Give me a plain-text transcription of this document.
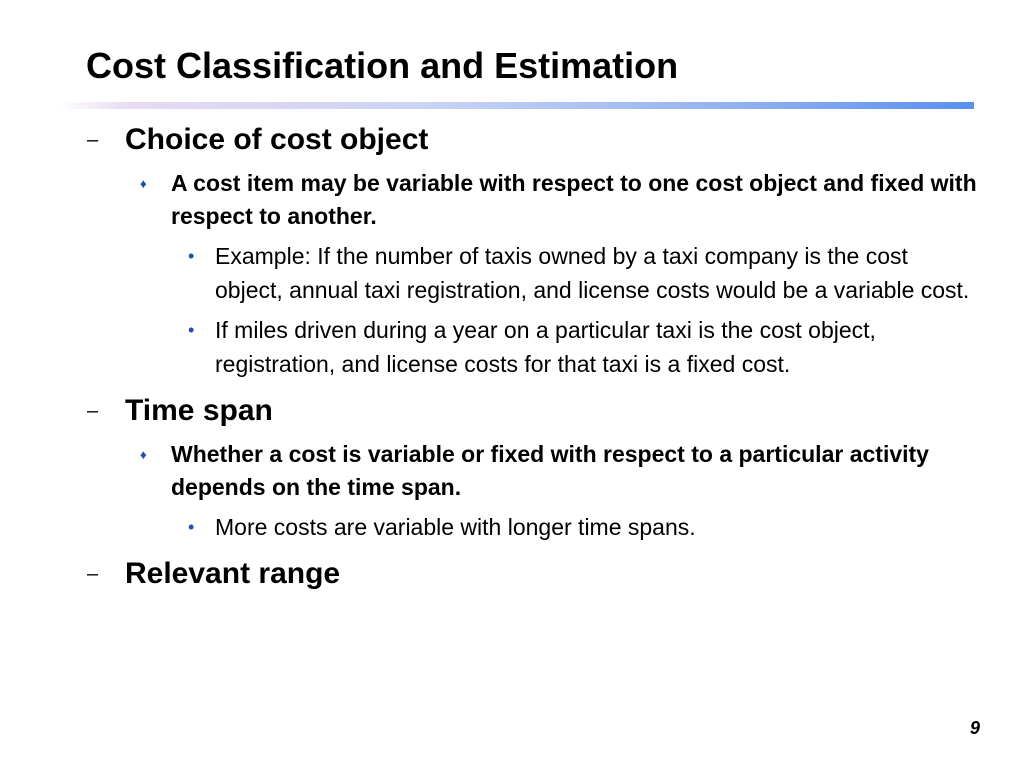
Cost Classification and Estimation
– Choice of cost object
♦ A cost item may be variable with respect to one cost object and fixed with respect to another.
• Example: If the number of taxis owned by a taxi company is the cost object, annual taxi registration, and license costs would be a variable cost.
• If miles driven during a year on a particular taxi is the cost object, registration, and license costs for that taxi is a fixed cost.
– Time span
♦ Whether a cost is variable or fixed with respect to a particular activity depends on the time span.
• More costs are variable with longer time spans.
– Relevant range
9
